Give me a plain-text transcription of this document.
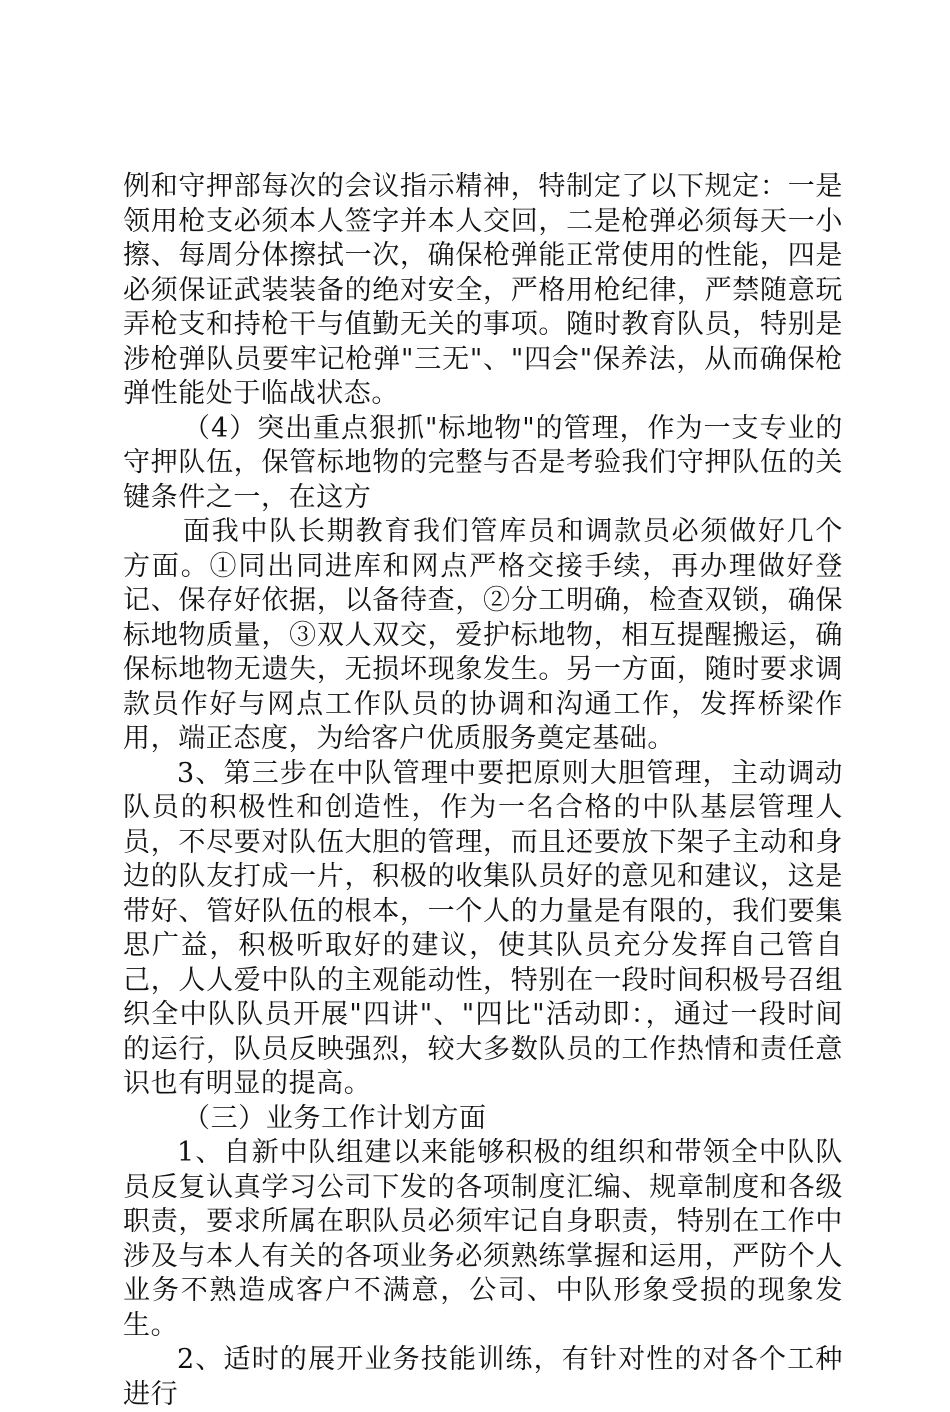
例和守押部每次的会议指示精神，特制定了以下规定：一是领用枪支必须本人签字并本人交回，二是枪弹必须每天一小擦、每周分体擦拭一次，确保枪弹能正常使用的性能，四是必须保证武装装备的绝对安全，严格用枪纪律，严禁随意玩弄枪支和持枪干与值勤无关的事项。随时教育队员，特别是涉枪弹队员要牢记枪弹"三无"、"四会"保养法，从而确保枪弹性能处于临战状态。

（4）突出重点狠抓"标地物"的管理，作为一支专业的守押队伍，保管标地物的完整与否是考验我们守押队伍的关键条件之一，在这方

面我中队长期教育我们管库员和调款员必须做好几个方面。①同出同进库和网点严格交接手续，再办理做好登记、保存好依据，以备待查，②分工明确，检查双锁，确保标地物质量，③双人双交，爱护标地物，相互提醒搬运，确保标地物无遗失，无损坏现象发生。另一方面，随时要求调款员作好与网点工作队员的协调和沟通工作，发挥桥梁作用，端正态度，为给客户优质服务奠定基础。

3、第三步在中队管理中要把原则大胆管理，主动调动队员的积极性和创造性，作为一名合格的中队基层管理人员，不尽要对队伍大胆的管理，而且还要放下架子主动和身边的队友打成一片，积极的收集队员好的意见和建议，这是带好、管好队伍的根本，一个人的力量是有限的，我们要集思广益，积极听取好的建议，使其队员充分发挥自己管自己，人人爱中队的主观能动性，特别在一段时间积极号召组织全中队队员开展"四讲"、"四比"活动即：，通过一段时间的运行，队员反映强烈，较大多数队员的工作热情和责任意识也有明显的提高。

（三）业务工作计划方面

1、自新中队组建以来能够积极的组织和带领全中队队员反复认真学习公司下发的各项制度汇编、规章制度和各级职责，要求所属在职队员必须牢记自身职责，特别在工作中涉及与本人有关的各项业务必须熟练掌握和运用，严防个人业务不熟造成客户不满意，公司、中队形象受损的现象发生。

2、适时的展开业务技能训练，有针对性的对各个工种进行
